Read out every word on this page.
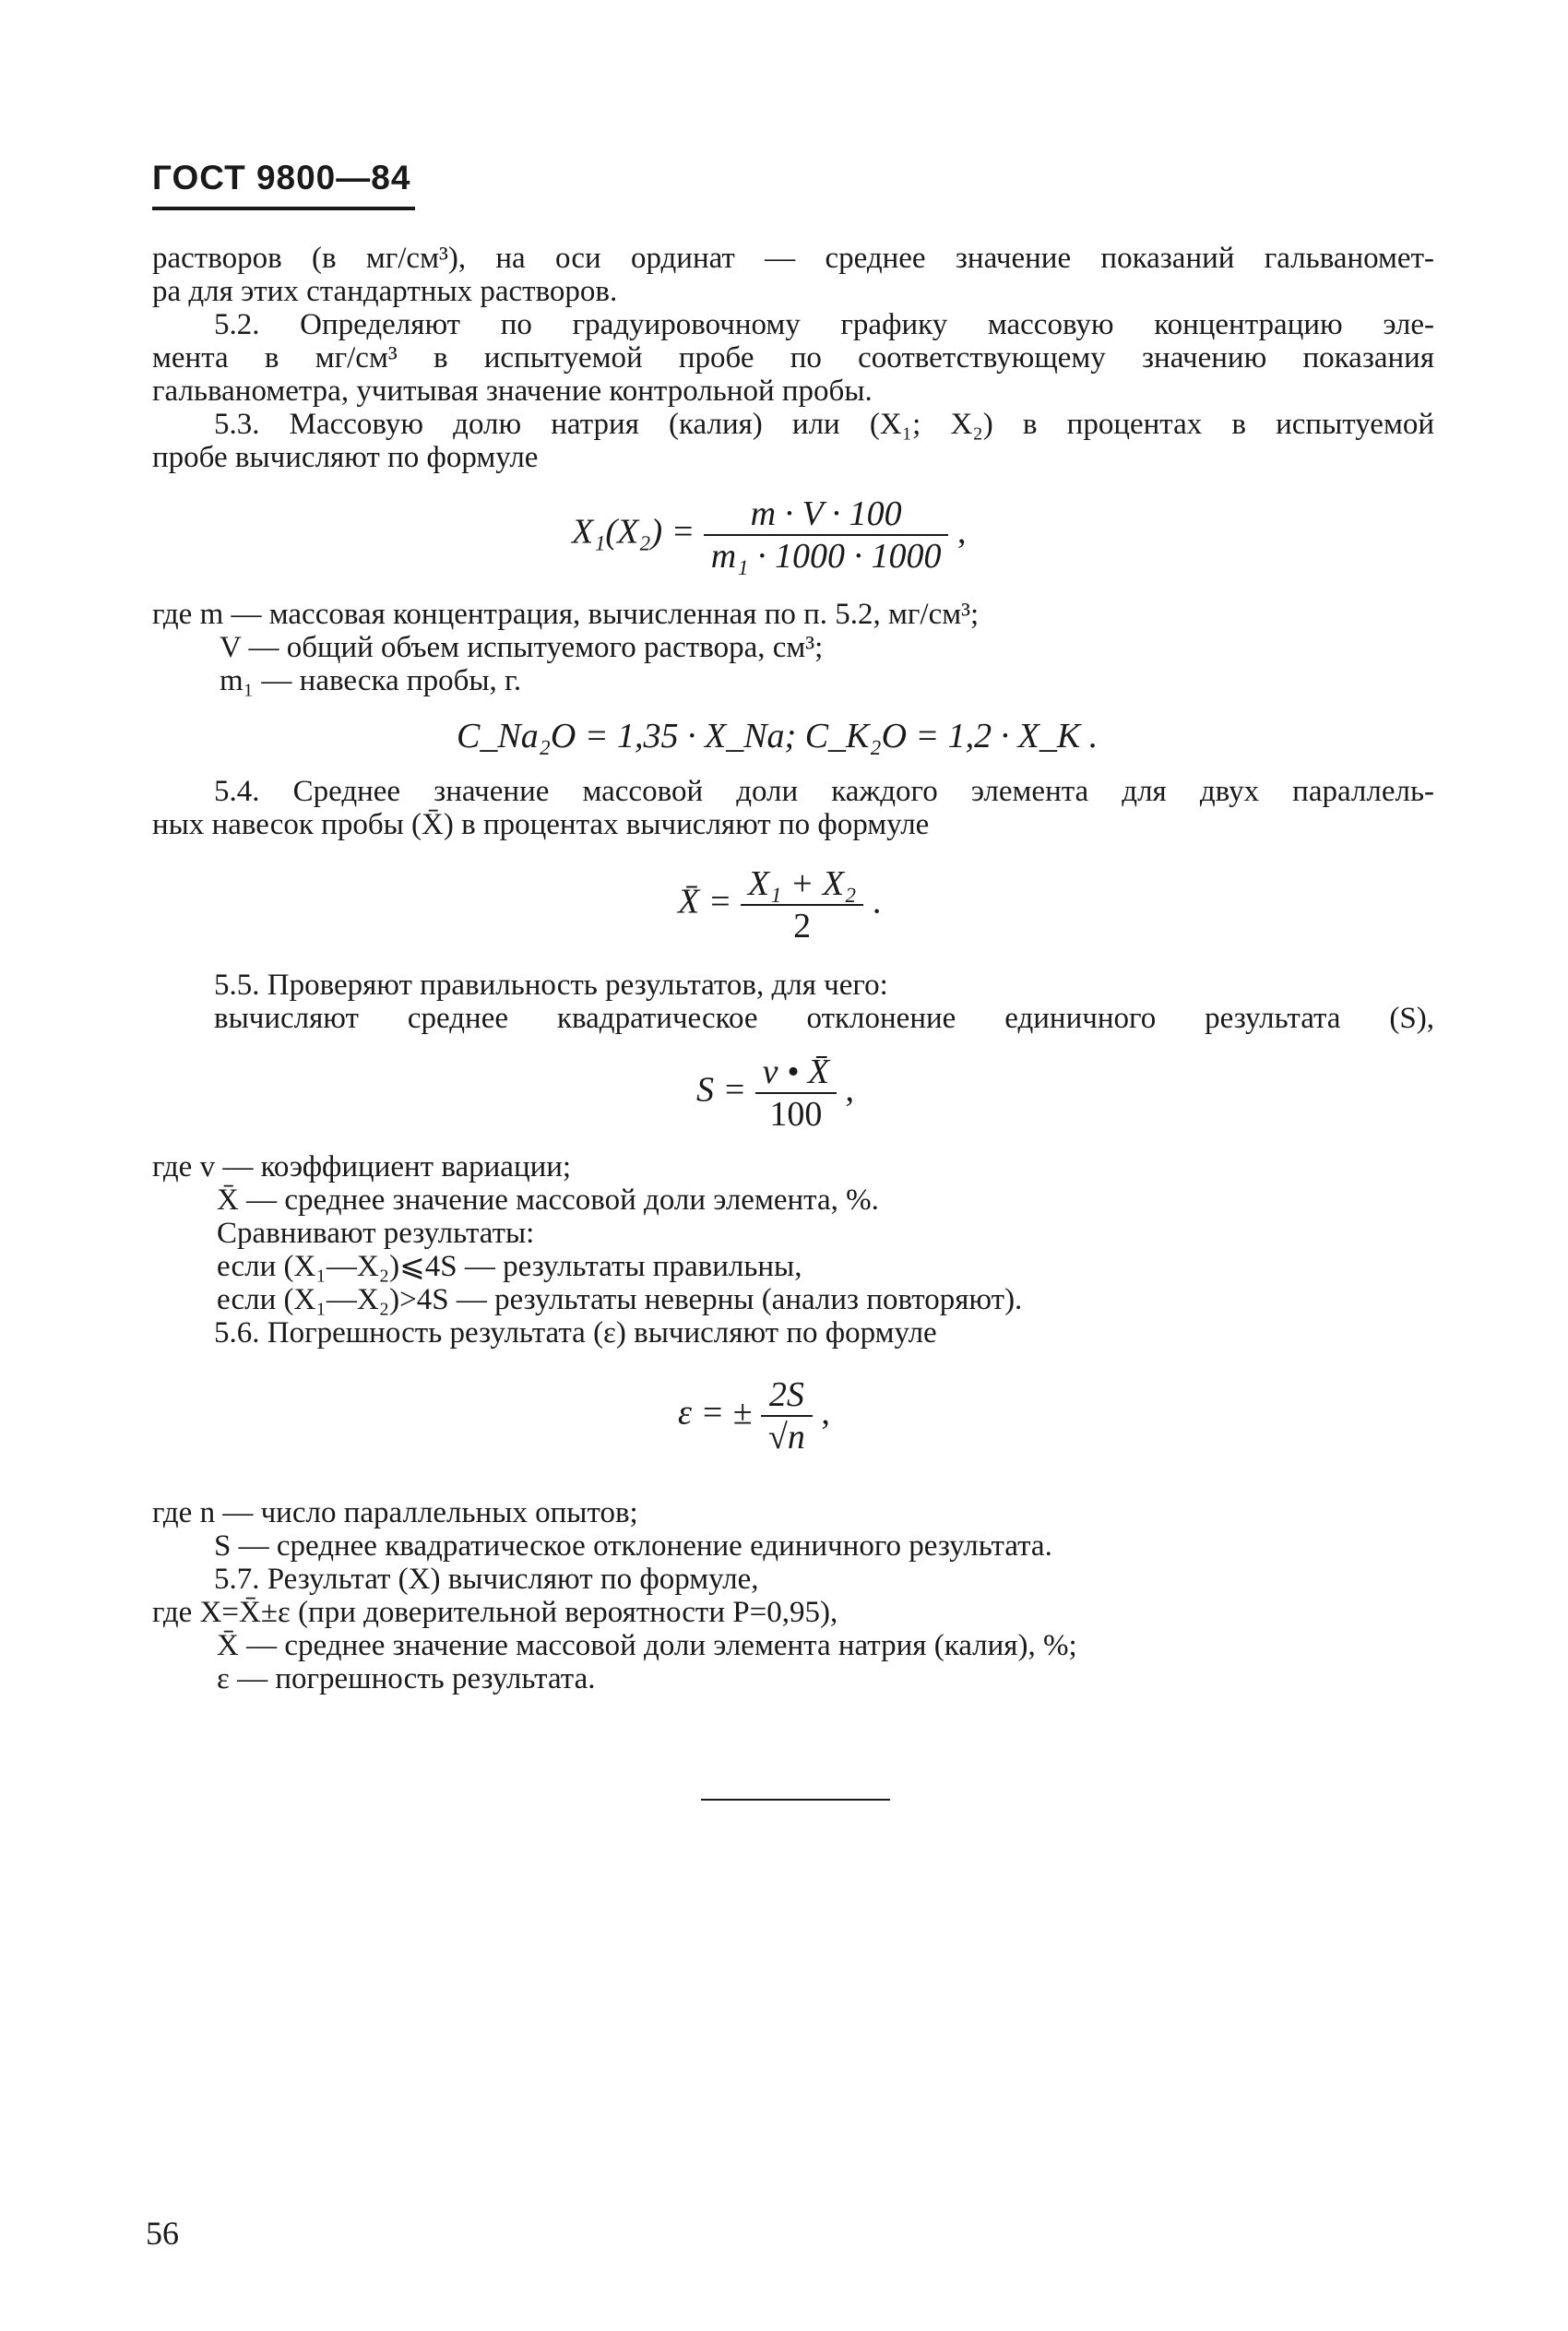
ГОСТ 9800—84
растворов (в мг/см³), на оси ординат — среднее значение показаний гальваномет-
ра для этих стандартных растворов.
5.2. Определяют по градуировочному графику массовую концентрацию эле-
мента в мг/см³ в испытуемой пробе по соответствующему значению показания
гальванометра, учитывая значение контрольной пробы.
5.3. Массовую долю натрия (калия) или (X₁; X₂) в процентах в испытуемой
пробе вычисляют по формуле
$X_1(X_2) = \frac{m \cdot V \cdot 100}{\text{m₁ · 1000 · 1000}}$ ,
где m — массовая концентрация, вычисленная по п. 5.2, мг/см³;
V — общий объем испытуемого раствора, см³;
m₁ — навеска пробы, г.
C_Na₂O = 1,35 · X_Na; C_K₂O = 1,2 · X_K .
5.4. Среднее значение массовой доли каждого элемента для двух параллель-
ных навесок пробы (X̄) в процентах вычисляют по формуле
X̄ = $\frac{\text{X₁ + X₂}}{2}$ .
5.5. Проверяют правильность результатов, для чего:
вычисляют среднее квадратическое отклонение единичного результата (S),
$S = \frac{v • X̄}{100}$ ,
где v — коэффициент вариации;
X̄ — среднее значение массовой доли элемента, %.
Сравнивают результаты:
если (X₁—X₂)⩽4S — результаты правильны,
если (X₁—X₂)>4S — результаты неверны (анализ повторяют).
5.6. Погрешность результата (ε) вычисляют по формуле
ε = ± $\frac{2S}{√n}$ ,
где n — число параллельных опытов;
S — среднее квадратическое отклонение единичного результата.
5.7. Результат (X) вычисляют по формуле,
где X=X̄±ε (при доверительной вероятности P=0,95),
X̄ — среднее значение массовой доли элемента натрия (калия), %;
ε — погрешность результата.
56
